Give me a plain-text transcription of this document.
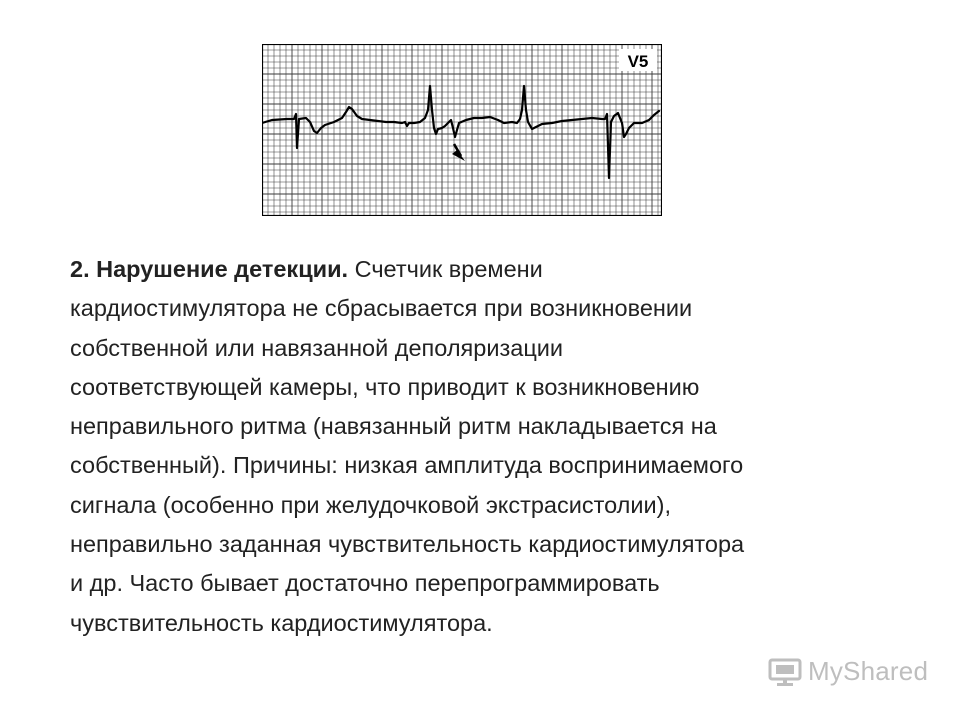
V5

2. Нарушение детекции. Счетчик времени
кардиостимулятора не сбрасывается при возникновении
собственной или навязанной деполяризации
соответствующей камеры, что приводит к возникновению
неправильного ритма (навязанный ритм накладывается на
собственный). Причины: низкая амплитуда воспринимаемого
сигнала (особенно при желудочковой экстрасистолии),
неправильно заданная чувствительность кардиостимулятора
и др. Часто бывает достаточно перепрограммировать
чувствительность кардиостимулятора.

MyShared
